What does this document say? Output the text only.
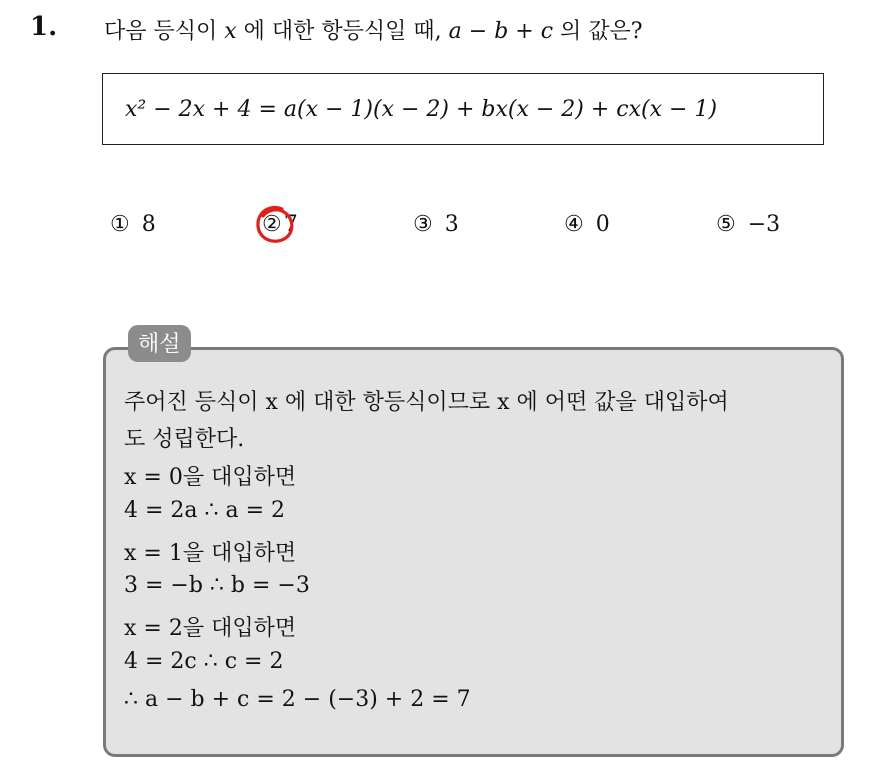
1. 다음 등식이 x 에 대한 항등식일 때, a − b + c 의 값은?
x² − 2x + 4 = a(x − 1)(x − 2) + bx(x − 2) + cx(x − 1)
① 8	②7	③ 3	④ 0	⑤ −3
해설
주어진 등식이 x 에 대한 항등식이므로 x 에 어떤 값을 대입하여
도 성립한다.
x = 0을 대입하면
4 = 2a ∴ a = 2
x = 1을 대입하면
3 = −b ∴ b = −3
x = 2을 대입하면
4 = 2c ∴ c = 2
∴ a − b + c = 2 − (−3) + 2 = 7
